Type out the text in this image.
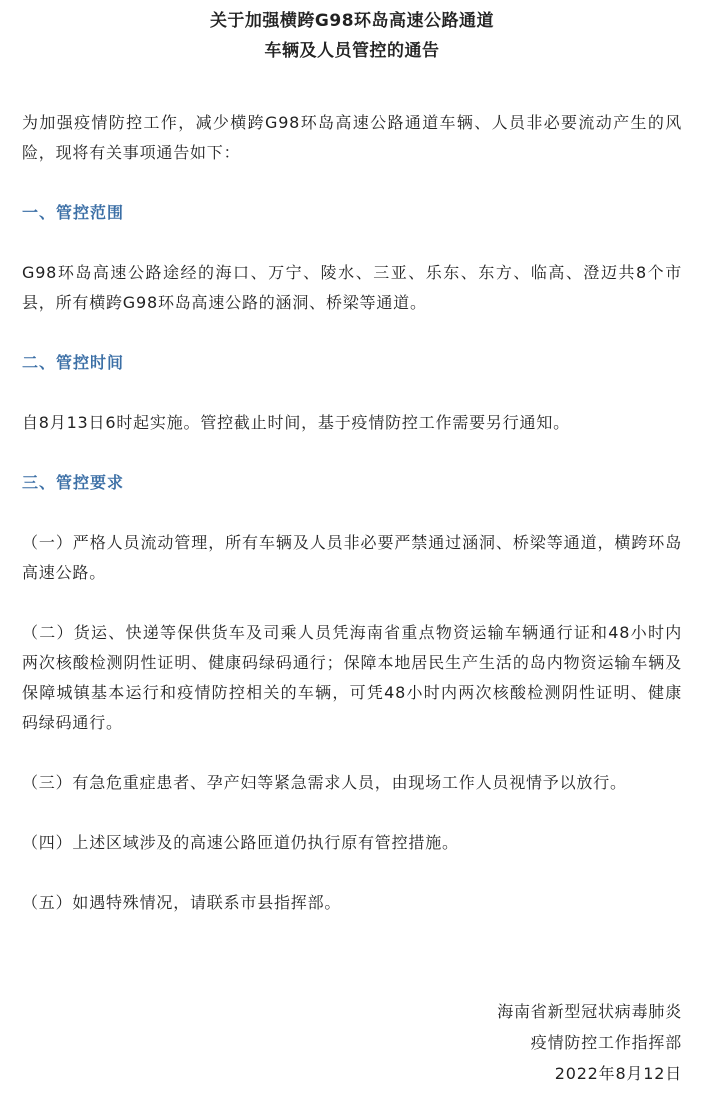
关于加强横跨G98环岛高速公路通道
车辆及人员管控的通告

为加强疫情防控工作，减少横跨G98环岛高速公路通道车辆、人员非必要流动产生的风险，现将有关事项通告如下：

一、管控范围

G98环岛高速公路途经的海口、万宁、陵水、三亚、乐东、东方、临高、澄迈共8个市县，所有横跨G98环岛高速公路的涵洞、桥梁等通道。

二、管控时间

自8月13日6时起实施。管控截止时间，基于疫情防控工作需要另行通知。

三、管控要求

（一）严格人员流动管理，所有车辆及人员非必要严禁通过涵洞、桥梁等通道，横跨环岛高速公路。

（二）货运、快递等保供货车及司乘人员凭海南省重点物资运输车辆通行证和48小时内两次核酸检测阴性证明、健康码绿码通行；保障本地居民生产生活的岛内物资运输车辆及保障城镇基本运行和疫情防控相关的车辆，可凭48小时内两次核酸检测阴性证明、健康码绿码通行。

（三）有急危重症患者、孕产妇等紧急需求人员，由现场工作人员视情予以放行。

（四）上述区域涉及的高速公路匝道仍执行原有管控措施。

（五）如遇特殊情况，请联系市县指挥部。

海南省新型冠状病毒肺炎
疫情防控工作指挥部
2022年8月12日
